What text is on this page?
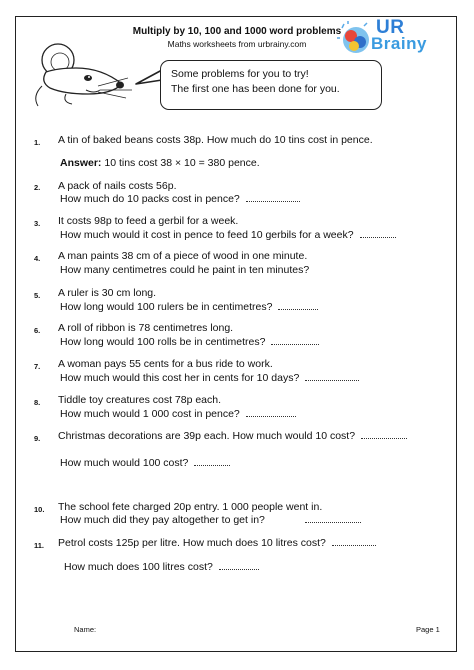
Multiply by 10, 100 and 1000 word problems
Maths worksheets from urbrainy.com
UR
Brainy
Some problems for you to try!
The first one has been done for you.
1. A tin of baked beans costs 38p. How much do 10 tins cost in pence.
Answer: 10 tins cost 38 × 10 = 380 pence.
2. A pack of nails costs 56p.
How much do 10 packs cost in pence?
3. It costs 98p to feed a gerbil for a week.
How much would it cost in pence to feed 10 gerbils for a week?
4. A man paints 38 cm of a piece of wood in one minute.
How many centimetres could he paint in ten minutes?
5. A ruler is 30 cm long.
How long would 100 rulers be in centimetres?
6. A roll of ribbon is 78 centimetres long.
How long would 100 rolls be in centimetres?
7. A woman pays 55 cents for a bus ride to work.
How much would this cost her in cents for 10 days?
8. Tiddle toy creatures cost 78p each.
How much would 1 000 cost in pence?
9. Christmas decorations are 39p each. How much would 10 cost?
How much would 100 cost?
10. The school fete charged 20p entry. 1 000 people went in.
How much did they pay altogether to get in?
11. Petrol costs 125p per litre. How much does 10 litres cost?
How much does 100 litres cost?
Name:	Page 1
